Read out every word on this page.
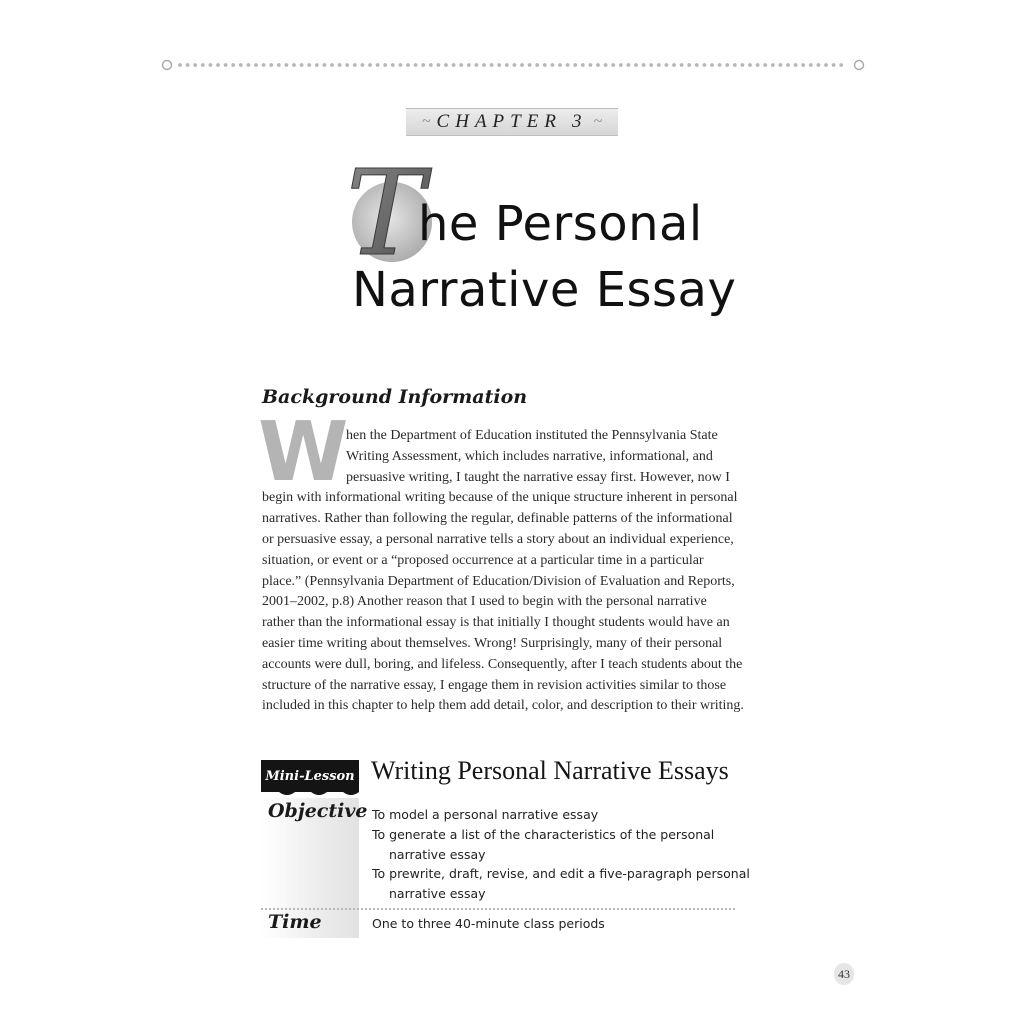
~ CHAPTER 3 ~
T
he Personal
Narrative Essay
Background Information
W
hen the Department of Education instituted the Pennsylvania State
Writing Assessment, which includes narrative, informational, and
persuasive writing, I taught the narrative essay first. However, now I
begin with informational writing because of the unique structure inherent in personal
narratives. Rather than following the regular, definable patterns of the informational
or persuasive essay, a personal narrative tells a story about an individual experience,
situation, or event or a “proposed occurrence at a particular time in a particular
place.” (Pennsylvania Department of Education/Division of Evaluation and Reports,
2001–2002, p.8) Another reason that I used to begin with the personal narrative
rather than the informational essay is that initially I thought students would have an
easier time writing about themselves. Wrong! Surprisingly, many of their personal
accounts were dull, boring, and lifeless. Consequently, after I teach students about the
structure of the narrative essay, I engage them in revision activities similar to those
included in this chapter to help them add detail, color, and description to their writing.
Mini-Lesson Writing Personal Narrative Essays
Objective To model a personal narrative essay
To generate a list of the characteristics of the personal
narrative essay
To prewrite, draft, revise, and edit a five-paragraph personal
narrative essay
Time	One to three 40-minute class periods
43
